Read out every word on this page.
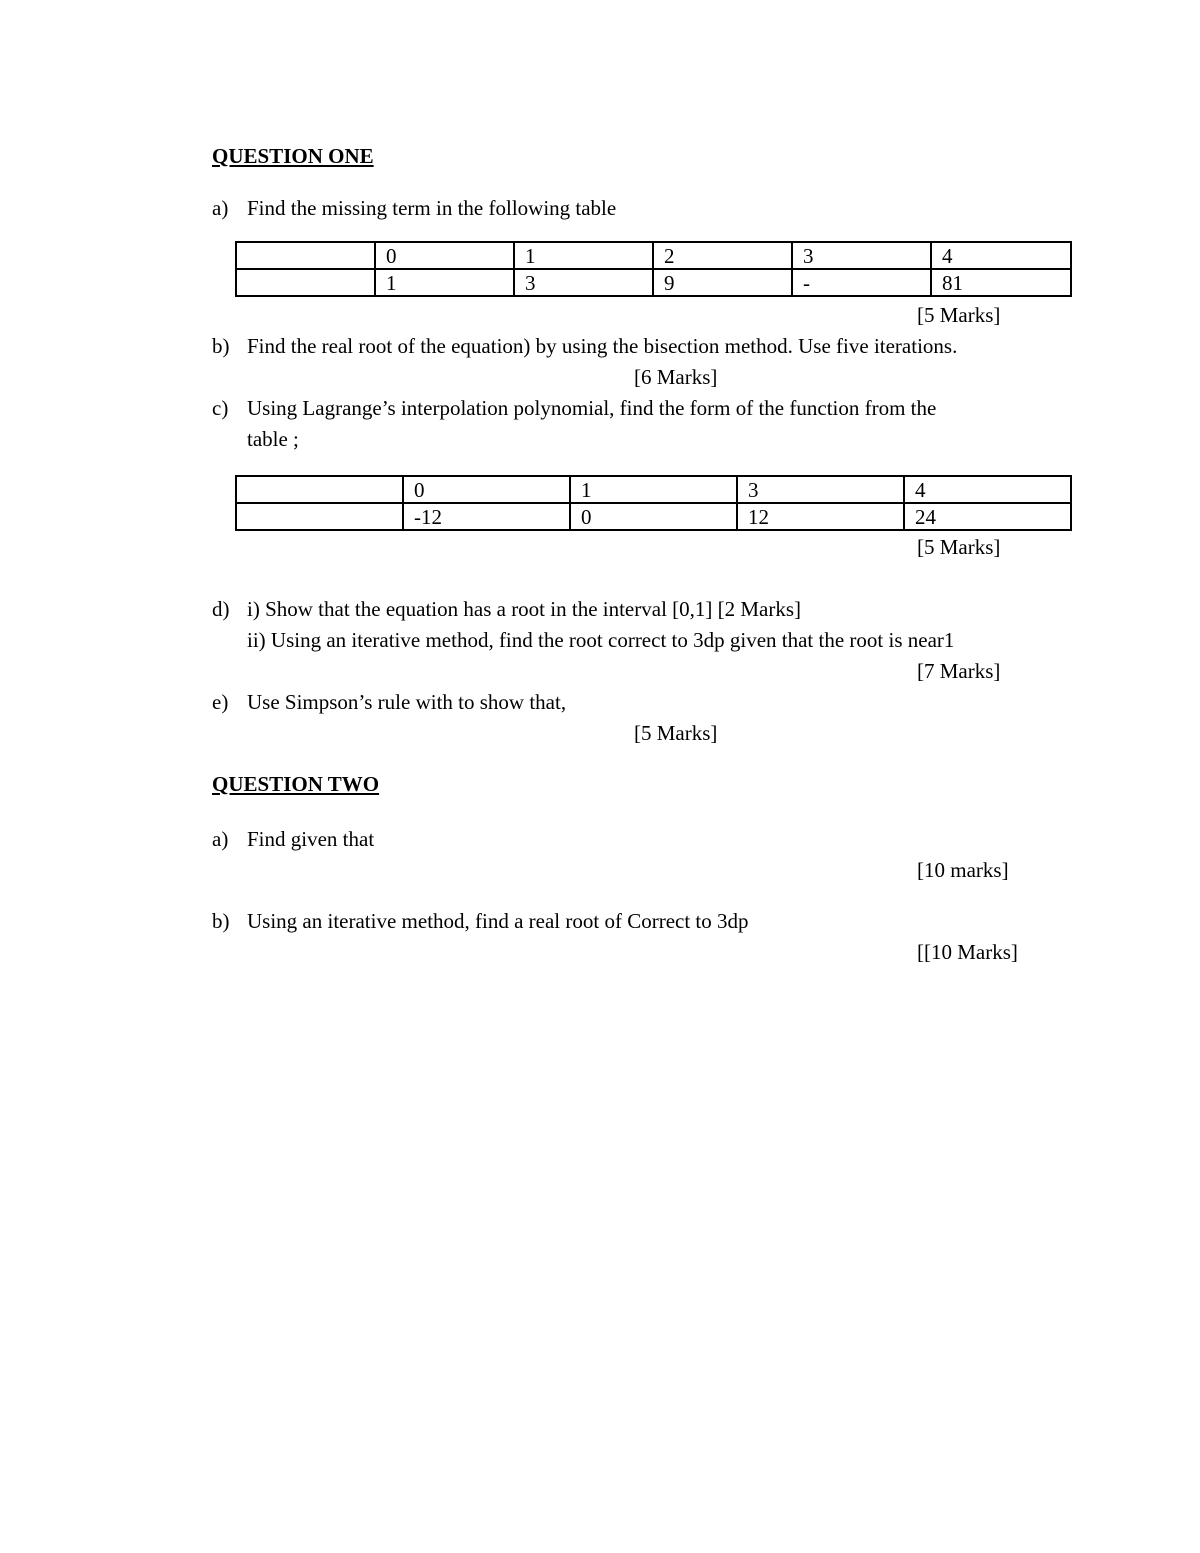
QUESTION ONE
a) Find the missing term in the following table
	0	1	2	3	4
	1	3	9	-	81
[5 Marks]
b) Find the real root of the equation) by using the bisection method. Use five iterations.
[6 Marks]
c) Using Lagrange’s interpolation polynomial, find the form of the function from the
table ;
	0	1	3	4
	-12	0	12	24
[5 Marks]
d) i) Show that the equation has a root in the interval [0,1] [2 Marks]
ii) Using an iterative method, find the root correct to 3dp given that the root is near1
[7 Marks]
e) Use Simpson’s rule with to show that,
[5 Marks]
QUESTION TWO
a) Find given that
[10 marks]
b) Using an iterative method, find a real root of Correct to 3dp
[[10 Marks]
